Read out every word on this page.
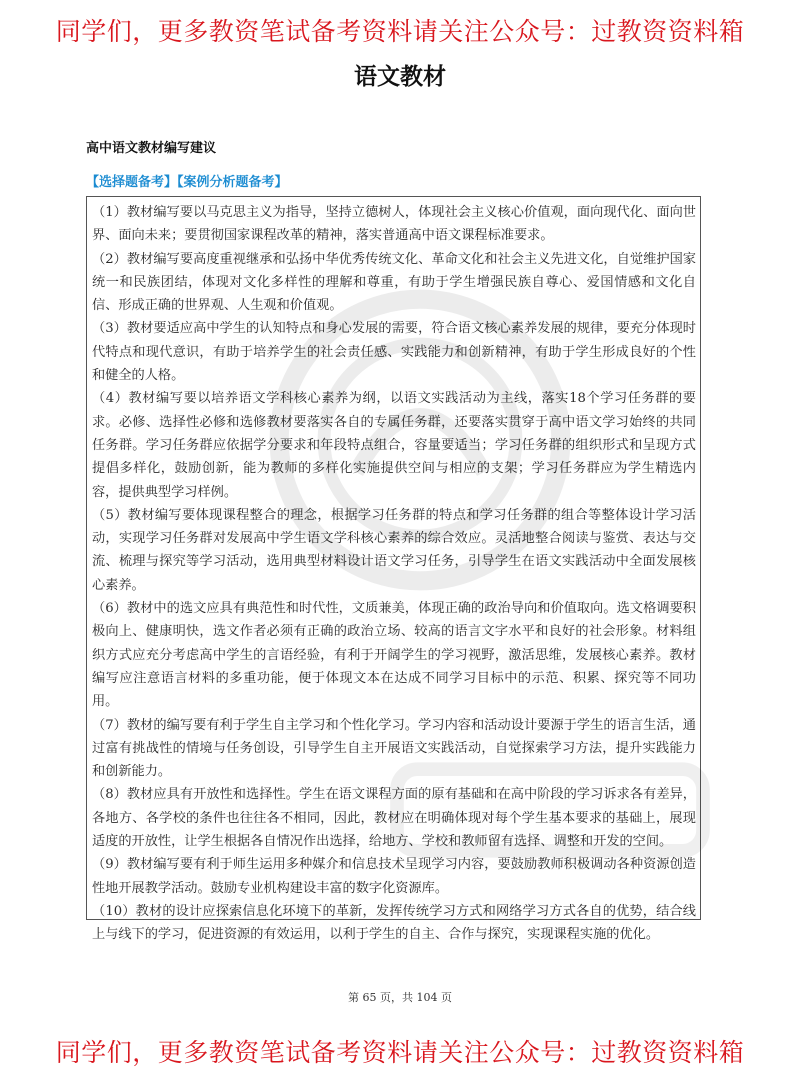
同学们，更多教资笔试备考资料请关注公众号：过教资资料箱
语文教材
高中语文教材编写建议
【选择题备考】【案例分析题备考】

（1）教材编写要以马克思主义为指导，坚持立德树人，体现社会主义核心价值观，面向现代化、面向世界、面向未来；要贯彻国家课程改革的精神，落实普通高中语文课程标准要求。

（2）教材编写要高度重视继承和弘扬中华优秀传统文化、革命文化和社会主义先进文化，自觉维护国家统一和民族团结，体现对文化多样性的理解和尊重，有助于学生增强民族自尊心、爱国情感和文化自信、形成正确的世界观、人生观和价值观。

（3）教材要适应高中学生的认知特点和身心发展的需要，符合语文核心素养发展的规律，要充分体现时代特点和现代意识，有助于培养学生的社会责任感、实践能力和创新精神，有助于学生形成良好的个性和健全的人格。

（4）教材编写要以培养语文学科核心素养为纲，以语文实践活动为主线，落实18个学习任务群的要求。必修、选择性必修和选修教材要落实各自的专属任务群，还要落实贯穿于高中语文学习始终的共同任务群。学习任务群应依据学分要求和年段特点组合，容量要适当；学习任务群的组织形式和呈现方式提倡多样化，鼓励创新，能为教师的多样化实施提供空间与相应的支架；学习任务群应为学生精选内容，提供典型学习样例。

（5）教材编写要体现课程整合的理念，根据学习任务群的特点和学习任务群的组合等整体设计学习活动，实现学习任务群对发展高中学生语文学科核心素养的综合效应。灵活地整合阅读与鉴赏、表达与交流、梳理与探究等学习活动，选用典型材料设计语文学习任务，引导学生在语文实践活动中全面发展核心素养。

（6）教材中的选文应具有典范性和时代性，文质兼美，体现正确的政治导向和价值取向。选文格调要积极向上、健康明快，选文作者必须有正确的政治立场、较高的语言文字水平和良好的社会形象。材料组织方式应充分考虑高中学生的言语经验，有利于开阔学生的学习视野，激活思维，发展核心素养。教材编写应注意语言材料的多重功能，便于体现文本在达成不同学习目标中的示范、积累、探究等不同功用。

（7）教材的编写要有利于学生自主学习和个性化学习。学习内容和活动设计要源于学生的语言生活，通过富有挑战性的情境与任务创设，引导学生自主开展语文实践活动，自觉探索学习方法，提升实践能力和创新能力。

（8）教材应具有开放性和选择性。学生在语文课程方面的原有基础和在高中阶段的学习诉求各有差异，各地方、各学校的条件也往往各不相同，因此，教材应在明确体现对每个学生基本要求的基础上，展现适度的开放性，让学生根据各自情况作出选择，给地方、学校和教师留有选择、调整和开发的空间。

（9）教材编写要有利于师生运用多种媒介和信息技术呈现学习内容，要鼓励教师积极调动各种资源创造性地开展教学活动。鼓励专业机构建设丰富的数字化资源库。

（10）教材的设计应探索信息化环境下的革新，发挥传统学习方式和网络学习方式各自的优势，结合线上与线下的学习，促进资源的有效运用，以利于学生的自主、合作与探究，实现课程实施的优化。

第 65 页，共 104 页
同学们，更多教资笔试备考资料请关注公众号：过教资资料箱
